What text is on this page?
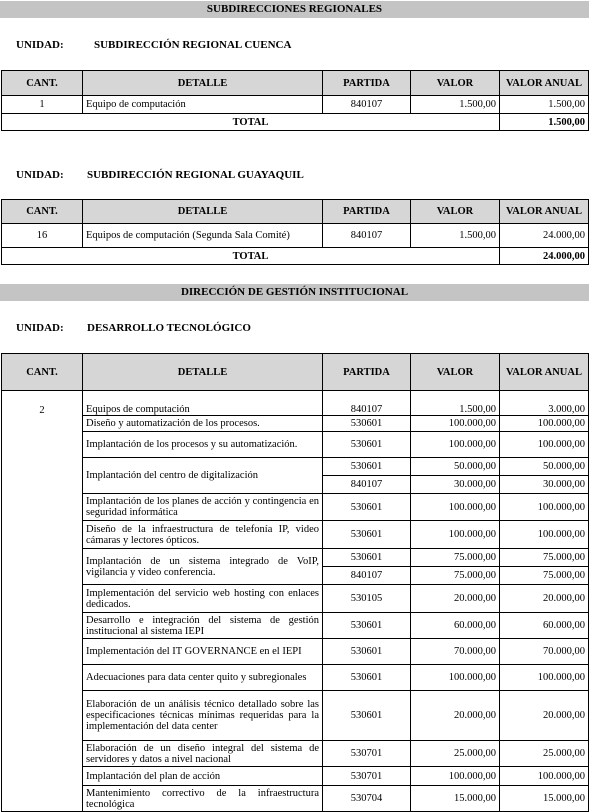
SUBDIRECCIONES REGIONALES
UNIDAD:	SUBDIRECCIÓN REGIONAL CUENCA
CANT.	DETALLE	PARTIDA	VALOR	VALOR ANUAL
1	Equipo de computación	840107	1.500,00	1.500,00
TOTAL				1.500,00
UNIDAD: SUBDIRECCIÓN REGIONAL GUAYAQUIL
CANT.	DETALLE	PARTIDA	VALOR	VALOR ANUAL
16	Equipos de computación (Segunda Sala Comité)	840107	1.500,00	24.000,00
TOTAL				24.000,00
DIRECCIÓN DE GESTIÓN INSTITUCIONAL
UNIDAD: DESARROLLO TECNOLÓGICO
CANT.	DETALLE	PARTIDA	VALOR	VALOR ANUAL
2	Equipos de computación	840107	1.500,00	3.000,00
	Diseño y automatización de los procesos.	530601	100.000,00	100.000,00
	Implantación de los procesos y su automatización.	530601	100.000,00	100.000,00
	Implantación del centro de digitalización	530601	50.000,00	50.000,00
		840107	30.000,00	30.000,00
	Implantación de los planes de acción y contingencia en seguridad informática	530601	100.000,00	100.000,00
	Diseño de la infraestructura de telefonía IP, video cámaras y lectores ópticos.	530601	100.000,00	100.000,00
	Implantación de un sistema integrado de VoIP, vigilancia y video conferencia.	530601	75.000,00	75.000,00
		840107	75.000,00	75.000,00
	Implementación del servicio web hosting con enlaces dedicados.	530105	20.000,00	20.000,00
	Desarrollo e integración del sistema de gestión institucional al sistema IEPI	530601	60.000,00	60.000,00
	Implementación del IT GOVERNANCE en el IEPI	530601	70.000,00	70.000,00
	Adecuaciones para data center quito y subregionales	530601	100.000,00	100.000,00
	Elaboración de un análisis técnico detallado sobre las especificaciones técnicas mínimas requeridas para la implementación del data center	530601	20.000,00	20.000,00
	Elaboración de un diseño integral del sistema de servidores y datos a nivel nacional	530701	25.000,00	25.000,00
	Implantación del plan de acción	530701	100.000,00	100.000,00
	Mantenimiento correctivo de la infraestructura tecnológica	530704	15.000,00	15.000,00
